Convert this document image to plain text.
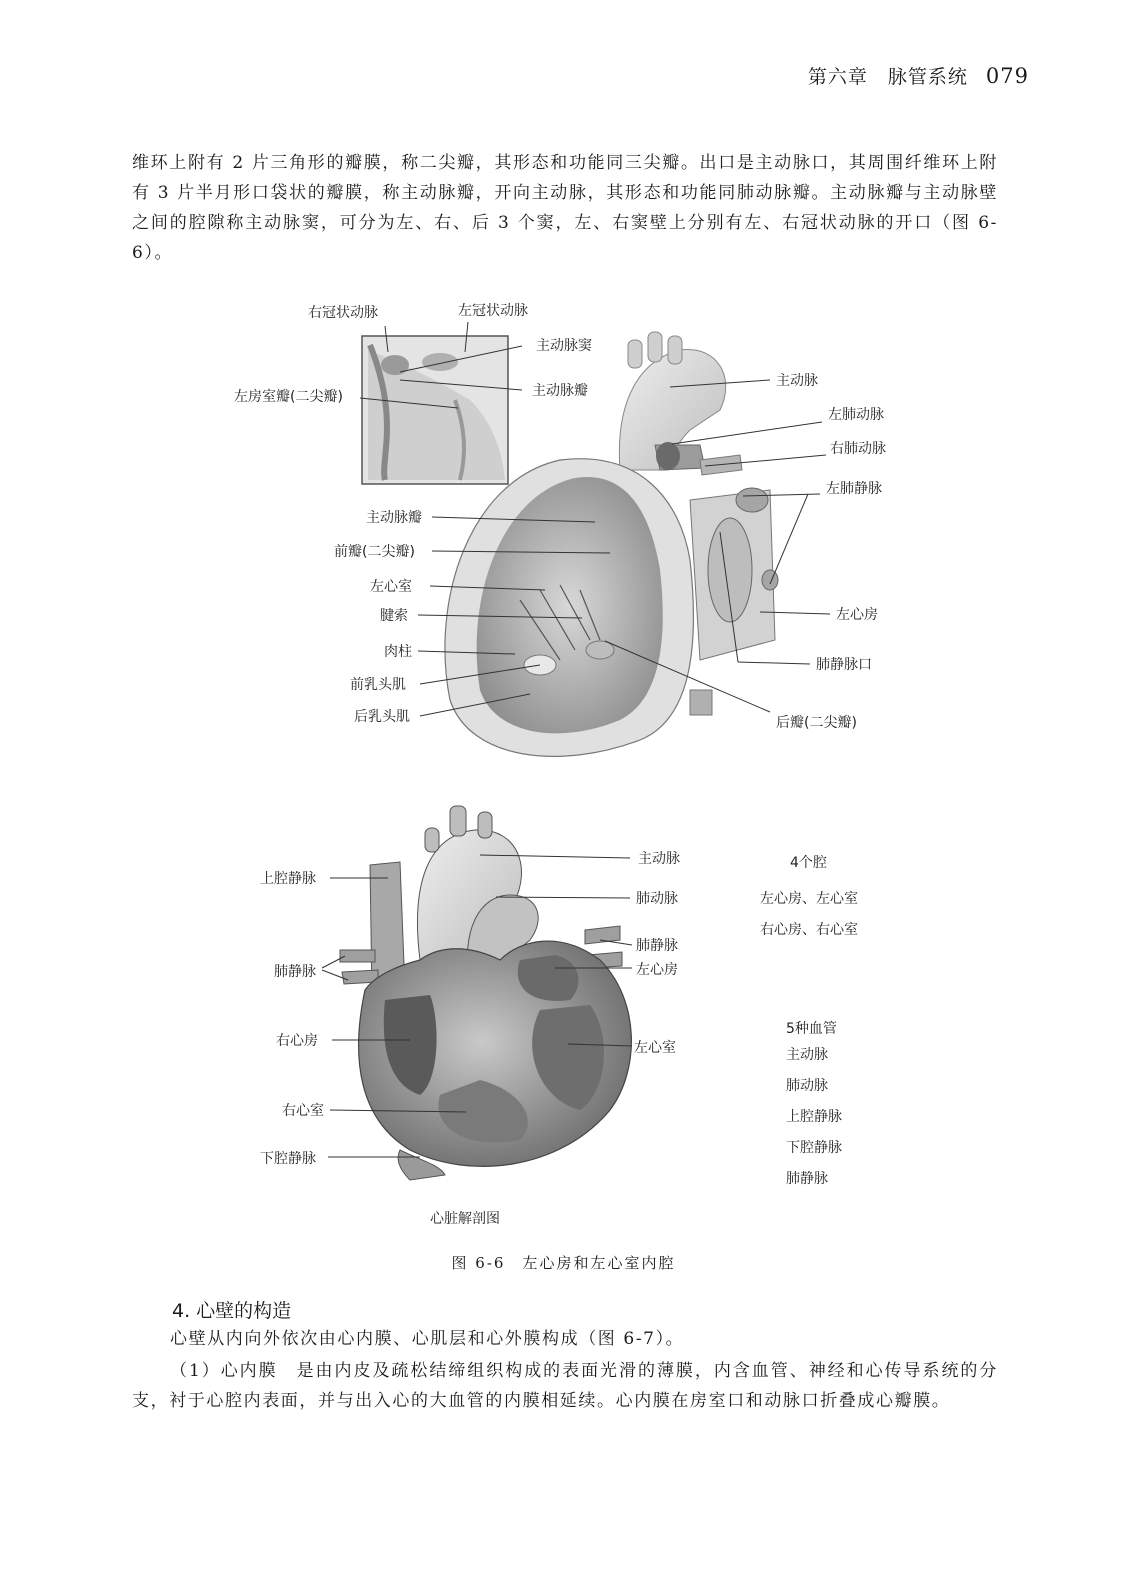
第六章　脉管系统 079
维环上附有 2 片三角形的瓣膜，称二尖瓣，其形态和功能同三尖瓣。出口是主动脉口，其周围纤维环上附有 3 片半月形口袋状的瓣膜，称主动脉瓣，开向主动脉，其形态和功能同肺动脉瓣。主动脉瓣与主动脉壁之间的腔隙称主动脉窦，可分为左、右、后 3 个窦，左、右窦壁上分别有左、右冠状动脉的开口（图 6-6）。
右冠状动脉	左冠状动脉
主动脉窦
主动脉瓣
左房室瓣(二尖瓣)
主动脉
左肺动脉
右肺动脉
左肺静脉
主动脉瓣
前瓣(二尖瓣)
左心室
腱索
肉柱
前乳头肌
后乳头肌
左心房
肺静脉口
后瓣(二尖瓣)
主动脉
上腔静脉
肺动脉
肺静脉
左心房
肺静脉
右心房	左心室
右心室
下腔静脉
心脏解剖图
4个腔
左心房、左心室
右心房、右心室
5种血管
主动脉
肺动脉
上腔静脉
下腔静脉
肺静脉
图 6-6　左心房和左心室内腔
4. 心壁的构造
心壁从内向外依次由心内膜、心肌层和心外膜构成（图 6-7）。
（1）心内膜　是由内皮及疏松结缔组织构成的表面光滑的薄膜，内含血管、神经和心传导系统的分支，衬于心腔内表面，并与出入心的大血管的内膜相延续。心内膜在房室口和动脉口折叠成心瓣膜。
